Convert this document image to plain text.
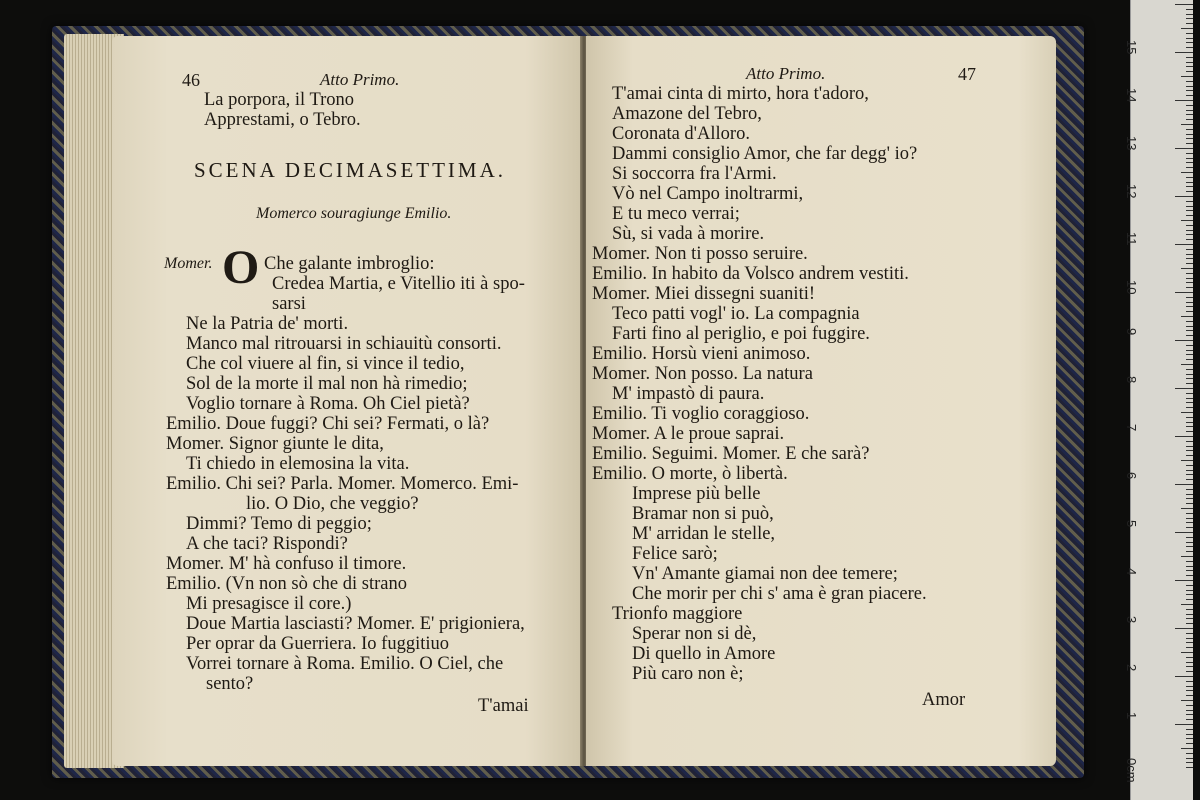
46	Atto Primo.
La porpora, il Trono
Apprestami, o Tebro.
SCENA DECIMASETTIMA.
Momerco souragiunge Emilio.
Momer. O Che galante imbroglio:
Credea Martia, e Vitellio iti à spo-
sarsi
Ne la Patria de' morti.
Manco mal ritrouarsi in schiauitù consorti.
Che col viuere al fin, si vince il tedio,
Sol de la morte il mal non hà rimedio;
Voglio tornare à Roma. Oh Ciel pietà?
Emilio. Doue fuggi? Chi sei? Fermati, o là?
Momer. Signor giunte le dita,
Ti chiedo in elemosina la vita.
Emilio. Chi sei? Parla. Momer. Momerco. Emi-
lio. O Dio, che veggio?
Dimmi? Temo di peggio;
A che taci? Rispondi?
Momer. M' hà confuso il timore.
Emilio. (Vn non sò che di strano
Mi presagisce il core.)
Doue Martia lasciasti? Momer. E' prigioniera,
Per oprar da Guerriera. Io fuggitiuo
Vorrei tornare à Roma. Emilio. O Ciel, che
sento?
T'amai
Atto Primo.	47
T'amai cinta di mirto, hora t'adoro,
Amazone del Tebro,
Coronata d'Alloro.
Dammi consiglio Amor, che far degg' io?
Si soccorra fra l'Armi.
Vò nel Campo inoltrarmi,
E tu meco verrai;
Sù, si vada à morire.
Momer. Non ti posso seruire.
Emilio. In habito da Volsco andrem vestiti.
Momer. Miei dissegni suaniti!
Teco patti vogl' io. La compagnia
Farti fino al periglio, e poi fuggire.
Emilio. Horsù vieni animoso.
Momer. Non posso. La natura
M' impastò di paura.
Emilio. Ti voglio coraggioso.
Momer. A le proue saprai.
Emilio. Seguimi. Momer. E che sarà?
Emilio. O morte, ò libertà.
Imprese più belle
Bramar non si può,
M' arridan le stelle,
Felice sarò;
Vn' Amante giamai non dee temere;
Che morir per chi s' ama è gran piacere.
Trionfo maggiore
Sperar non si dè,
Di quello in Amore
Più caro non è;
Amor
15
14
13
12
11
10
9
8
7
6
5
4
3
2
1
0cm
